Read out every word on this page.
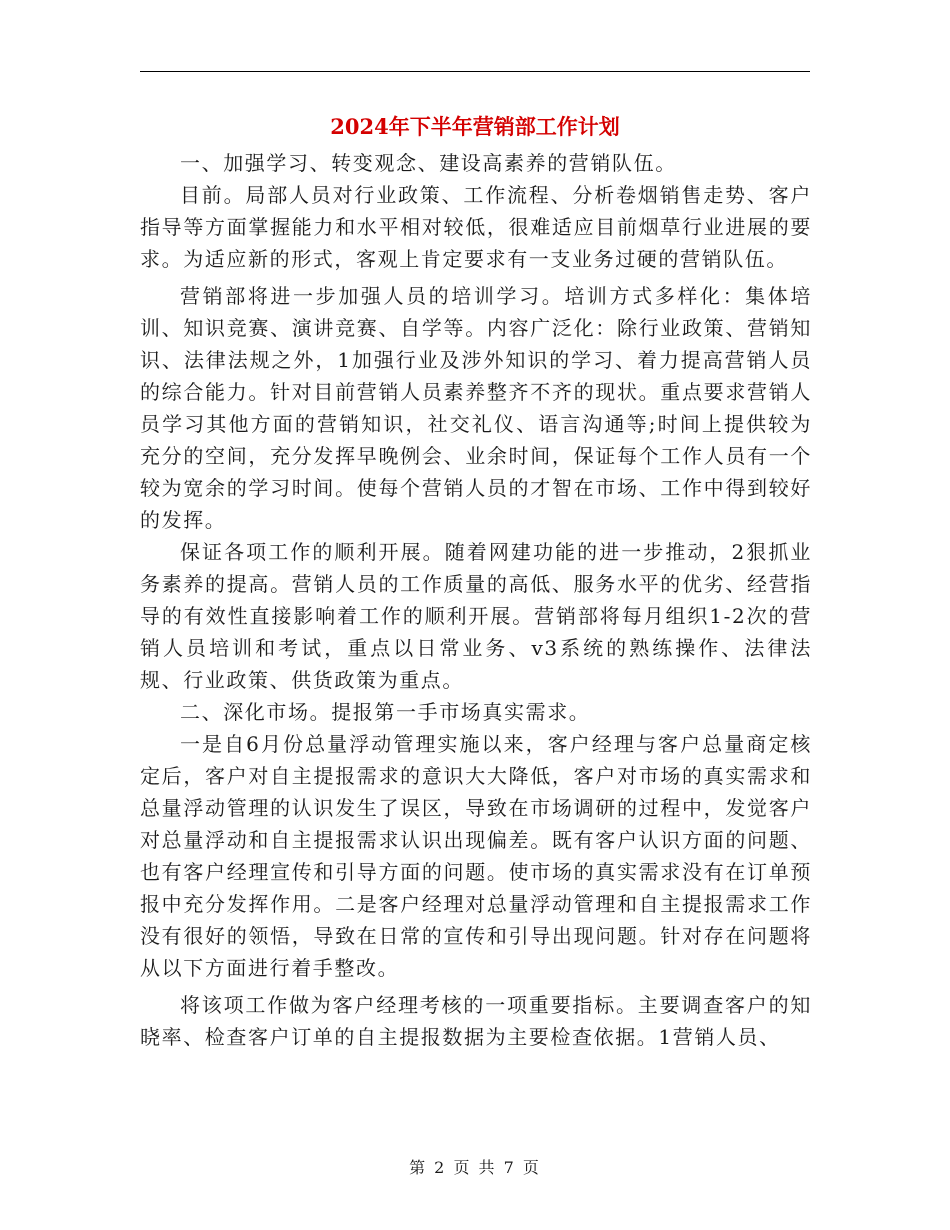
2024年下半年营销部工作计划

一、加强学习、转变观念、建设高素养的营销队伍。

目前。局部人员对行业政策、工作流程、分析卷烟销售走势、客户指导等方面掌握能力和水平相对较低，很难适应目前烟草行业进展的要求。为适应新的形式，客观上肯定要求有一支业务过硬的营销队伍。

营销部将进一步加强人员的培训学习。培训方式多样化：集体培训、知识竞赛、演讲竞赛、自学等。内容广泛化：除行业政策、营销知识、法律法规之外，1加强行业及涉外知识的学习、着力提高营销人员的综合能力。针对目前营销人员素养整齐不齐的现状。重点要求营销人员学习其他方面的营销知识，社交礼仪、语言沟通等;时间上提供较为充分的空间，充分发挥早晚例会、业余时间，保证每个工作人员有一个较为宽余的学习时间。使每个营销人员的才智在市场、工作中得到较好的发挥。

保证各项工作的顺利开展。随着网建功能的进一步推动，2狠抓业务素养的提高。营销人员的工作质量的高低、服务水平的优劣、经营指导的有效性直接影响着工作的顺利开展。营销部将每月组织1-2次的营销人员培训和考试，重点以日常业务、v3系统的熟练操作、法律法规、行业政策、供货政策为重点。

二、深化市场。提报第一手市场真实需求。

一是自6月份总量浮动管理实施以来，客户经理与客户总量商定核定后，客户对自主提报需求的意识大大降低，客户对市场的真实需求和总量浮动管理的认识发生了误区，导致在市场调研的过程中，发觉客户对总量浮动和自主提报需求认识出现偏差。既有客户认识方面的问题、也有客户经理宣传和引导方面的问题。使市场的真实需求没有在订单预报中充分发挥作用。二是客户经理对总量浮动管理和自主提报需求工作没有很好的领悟，导致在日常的宣传和引导出现问题。针对存在问题将从以下方面进行着手整改。

将该项工作做为客户经理考核的一项重要指标。主要调查客户的知晓率、检查客户订单的自主提报数据为主要检查依据。1营销人员、

第 2 页 共 7 页
